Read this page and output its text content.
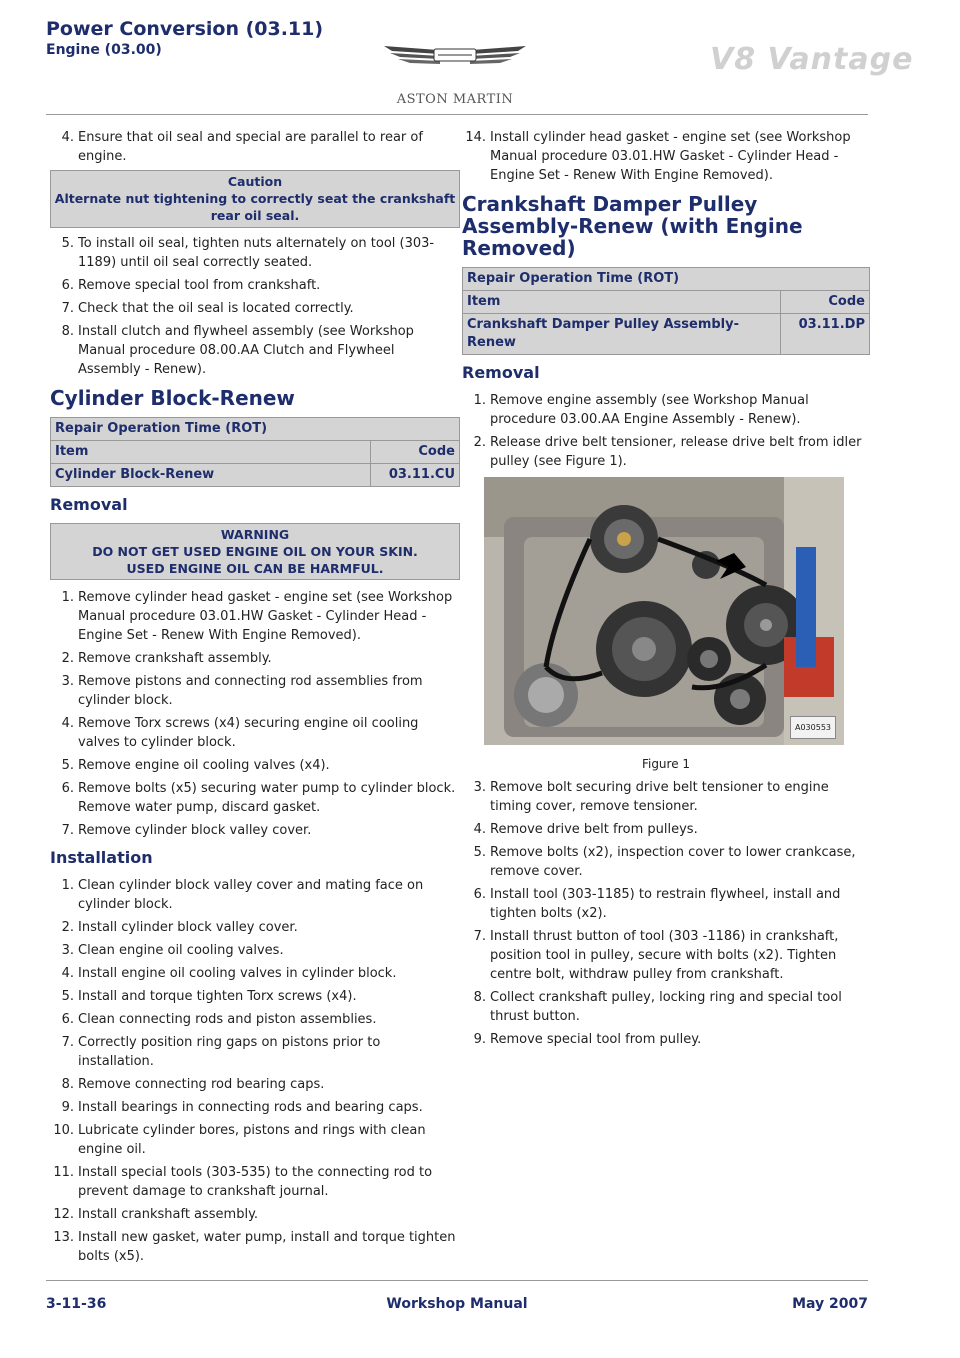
Power Conversion (03.11)
Engine (03.00)
ASTON MARTIN
V8 Vantage
4. Ensure that oil seal and special are parallel to rear of engine.
Caution
Alternate nut tightening to correctly seat the crankshaft rear oil seal.
5. To install oil seal, tighten nuts alternately on tool (303-1189) until oil seal correctly seated.
6. Remove special tool from crankshaft.
7. Check that the oil seal is located correctly.
8. Install clutch and flywheel assembly (see Workshop Manual procedure 08.00.AA Clutch and Flywheel Assembly - Renew).
Cylinder Block-Renew
Repair Operation Time (ROT)	
Item	Code
Cylinder Block-Renew	03.11.CU
Removal
WARNING
DO NOT GET USED ENGINE OIL ON YOUR SKIN.
USED ENGINE OIL CAN BE HARMFUL.
1. Remove cylinder head gasket - engine set (see Workshop Manual procedure 03.01.HW Gasket - Cylinder Head - Engine Set - Renew With Engine Removed).
2. Remove crankshaft assembly.
3. Remove pistons and connecting rod assemblies from cylinder block.
4. Remove Torx screws (x4) securing engine oil cooling valves to cylinder block.
5. Remove engine oil cooling valves (x4).
6. Remove bolts (x5) securing water pump to cylinder block. Remove water pump, discard gasket.
7. Remove cylinder block valley cover.
Installation
1. Clean cylinder block valley cover and mating face on cylinder block.
2. Install cylinder block valley cover.
3. Clean engine oil cooling valves.
4. Install engine oil cooling valves in cylinder block.
5. Install and torque tighten Torx screws (x4).
6. Clean connecting rods and piston assemblies.
7. Correctly position ring gaps on pistons prior to installation.
8. Remove connecting rod bearing caps.
9. Install bearings in connecting rods and bearing caps.
10. Lubricate cylinder bores, pistons and rings with clean engine oil.
11. Install special tools (303-535) to the connecting rod to prevent damage to crankshaft journal.
12. Install crankshaft assembly.
13. Install new gasket, water pump, install and torque tighten bolts (x5).
14. Install cylinder head gasket - engine set (see Workshop Manual procedure 03.01.HW Gasket - Cylinder Head - Engine Set - Renew With Engine Removed).
Crankshaft Damper Pulley Assembly-Renew (with Engine Removed)
Repair Operation Time (ROT)	
Item	Code
Crankshaft Damper Pulley Assembly-Renew	03.11.DP
Removal
1. Remove engine assembly (see Workshop Manual procedure 03.00.AA Engine Assembly - Renew).
2. Release drive belt tensioner, release drive belt from idler pulley (see Figure 1).
A030553
Figure 1
3. Remove bolt securing drive belt tensioner to engine timing cover, remove tensioner.
4. Remove drive belt from pulleys.
5. Remove bolts (x2), inspection cover to lower crankcase, remove cover.
6. Install tool (303-1185) to restrain flywheel, install and tighten bolts (x2).
7. Install thrust button of tool (303 -1186) in crankshaft, position tool in pulley, secure with bolts (x2). Tighten centre bolt, withdraw pulley from crankshaft.
8. Collect crankshaft pulley, locking ring and special tool thrust button.
9. Remove special tool from pulley.
3-11-36	Workshop Manual	May 2007
